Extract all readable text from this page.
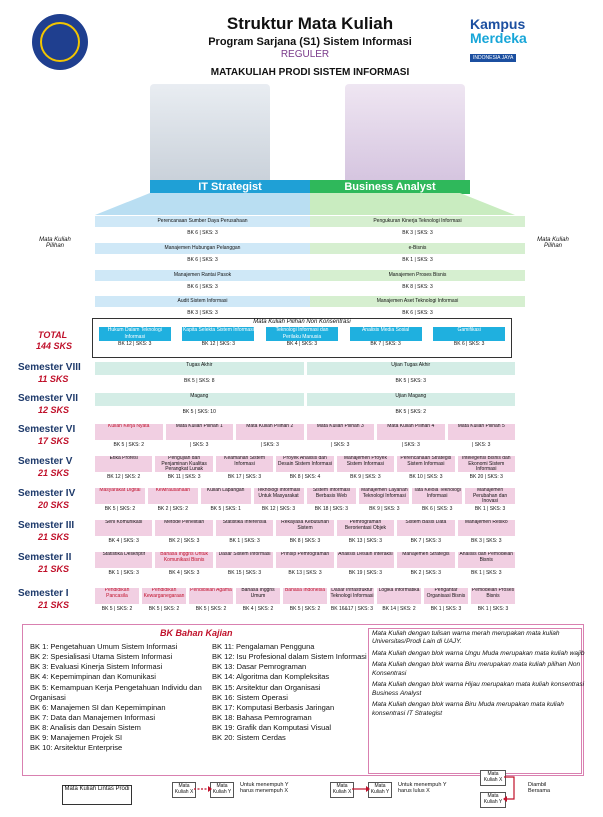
Struktur Mata Kuliah
Program Sarjana (S1) Sistem Informasi
REGULER
MATAKULIAH PRODI SISTEM INFORMASI
Kampus
Merdeka
INDONESIA JAYA
IT Strategist	Business Analyst
Mata Kuliah Pilihan
Mata Kuliah Pilihan
Perencanaan Sumber Daya Perusahaan
BK 6 | SKS: 3
Pengukuran Kinerja Teknologi Informasi
BK 3 | SKS: 3
Manajemen Hubungan Pelanggan
BK 6 | SKS: 3
e-Bisnis
BK 1 | SKS: 3
Manajemen Rantai Pasok
BK 6 | SKS: 3
Manajemen Proses Bisnis
BK 8 | SKS: 3
Audit Sistem Informasi
BK 3 | SKS: 3
Manajemen Aset Teknologi Informasi
BK 6 | SKS: 3
Mata Kuliah Pilihan Non Konsentrasi
Hukum Dalam Teknologi Informasi
BK 12 | SKS: 3
Kapita Selekta Sistem Informasi
BK 12 | SKS: 3
Teknologi Informasi dan Perilaku Manusia
BK 4 | SKS: 3
Analisis Media Sosial
BK 7 | SKS: 3
Gamifikasi
BK 6 | SKS: 3
TOTAL
144 SKS
Semester VIII
11 SKS
Tugas Akhir
BK 5 | SKS: 8
Ujian Tugas Akhir
BK 5 | SKS: 3
Semester VII
12 SKS
Magang
BK 5 | SKS: 10
Ujian Magang
BK 5 | SKS: 2
Semester VI
17 SKS
Kuliah Kerja Nyata
BK 5 | SKS: 2
Mata Kuliah Pilihan 1
| SKS: 3
Mata Kuliah Pilihan 2
| SKS: 3
Mata Kuliah Pilihan 3
| SKS: 3
Mata Kuliah Pilihan 4
| SKS: 3
Mata Kuliah Pilihan 5
| SKS: 3
Semester V
21 SKS
Etika Profesi
BK 12 | SKS: 2
Pengujian dan Penjaminan Kualitas Perangkat Lunak
BK 11 | SKS: 3
Keamanan Sistem Informasi
BK 17 | SKS: 3
Proyek Analisis dan Desain Sistem Informasi
BK 8 | SKS: 4
Manajemen Proyek Sistem Informasi
BK 9 | SKS: 3
Perencanaan Strategis Sistem Informasi
BK 10 | SKS: 3
Intelegensi Bisnis dan Ekonomi Sistem Informasi
BK 20 | SKS: 3
Semester IV
20 SKS
Masyarakat Digital
BK 5 | SKS: 2
Kewirausahaan
BK 2 | SKS: 2
Kuliah Lapangan
BK 5 | SKS: 1
Teknologi Informasi Untuk Masyarakat
BK 12 | SKS: 3
Sistem Informasi Berbasis Web
BK 18 | SKS: 3
Manajemen Layanan Teknologi Informasi
BK 9 | SKS: 3
Tata Kelola Teknologi Informasi
BK 6 | SKS: 3
Manajemen Perubahan dan Inovasi
BK 1 | SKS: 3
Semester III
21 SKS
Seni Komunikasi
BK 4 | SKS: 3
Metode Penelitian
BK 2 | SKS: 3
Statistika Inferensia
BK 1 | SKS: 3
Rekayasa Kebutuhan Sistem
BK 8 | SKS: 3
Pemrograman Berorientasi Objek
BK 13 | SKS: 3
Sistem Basis Data
BK 7 | SKS: 3
Manajemen Resiko
BK 3 | SKS: 3
Semester II
21 SKS
Statistika Deskriptif
BK 1 | SKS: 3
Bahasa Inggris Untuk Komunikasi Bisnis
BK 4 | SKS: 3
Dasar Sistem Informasi
BK 15 | SKS: 3
Prinsip Pemrograman
BK 13 | SKS: 3
Analisis Desain Interaksi
BK 19 | SKS: 3
Manajemen Strategis
BK 2 | SKS: 3
Analisis dan Pemodelan Bisnis
BK 1 | SKS: 3
Semester I
21 SKS
Pendidikan Pancasila
BK 5 | SKS: 2
Pendidikan Kewarganegaraan
BK 5 | SKS: 2
Pendidikan Agama
BK 5 | SKS: 2
Bahasa Inggris Umum
BK 4 | SKS: 2
Bahasa Indonesia
BK 5 | SKS: 2
Dasar Infrastruktur Teknologi Informasi
BK 16&17 | SKS: 3
Logika Informatika
BK 14 | SKS: 2
Pengantar Organisasi Bisnis
BK 1 | SKS: 3
Pemodelan Proses Bisnis
BK 1 | SKS: 3
BK Bahan Kajian
BK 1: Pengetahuan Umum Sistem Informasi
BK 2: Spesialisasi Utama Sistem Informasi
BK 3: Evaluasi Kinerja Sistem Informasi
BK 4: Kepemimpinan dan Komunikasi
BK 5: Kemampuan Kerja Pengetahuan Individu dan Organisasi
BK 6: Manajemen SI dan Kepemimpinan
BK 7: Data dan Manajemen Informasi
BK 8: Analisis dan Desain Sistem
BK 9: Manajemen Projek SI
BK 10: Arsitektur Enterprise
BK 11: Pengalaman Pengguna
BK 12: Isu Profesional dalam Sistem Informasi
BK 13: Dasar Pemrograman
BK 14: Algoritma dan Kompleksitas
BK 15: Arsitektur dan Organisasi
BK 16: Sistem Operasi
BK 17: Komputasi Berbasis Jaringan
BK 18: Bahasa Pemrograman
BK 19: Grafik dan Komputasi Visual
BK 20: Sistem Cerdas
Mata Kuliah dengan tulisan warna merah merupakan mata kuliah Universitas/Prodi Lain di UAJY.
Mata Kuliah dengan blok warna Ungu Muda merupakan mata kuliah wajib
Mata Kuliah dengan blok warna Biru merupakan mata kuliah pilihan Non Konsentrasi
Mata Kuliah dengan blok warna Hijau merupakan mata kuliah konsentrasi Business Analyst
Mata Kuliah dengan blok warna Biru Muda merupakan mata kuliah konsentrasi IT Strategist
Mata Kuliah Lintas Prodi	Mata Kuliah X
Mata Kuliah Y
Untuk menempuh Y harus menempuh X
Mata Kuliah X
Mata Kuliah Y
Untuk menempuh Y harus lulus X
Mata Kuliah X
Mata Kuliah Y
Diambil Bersama
